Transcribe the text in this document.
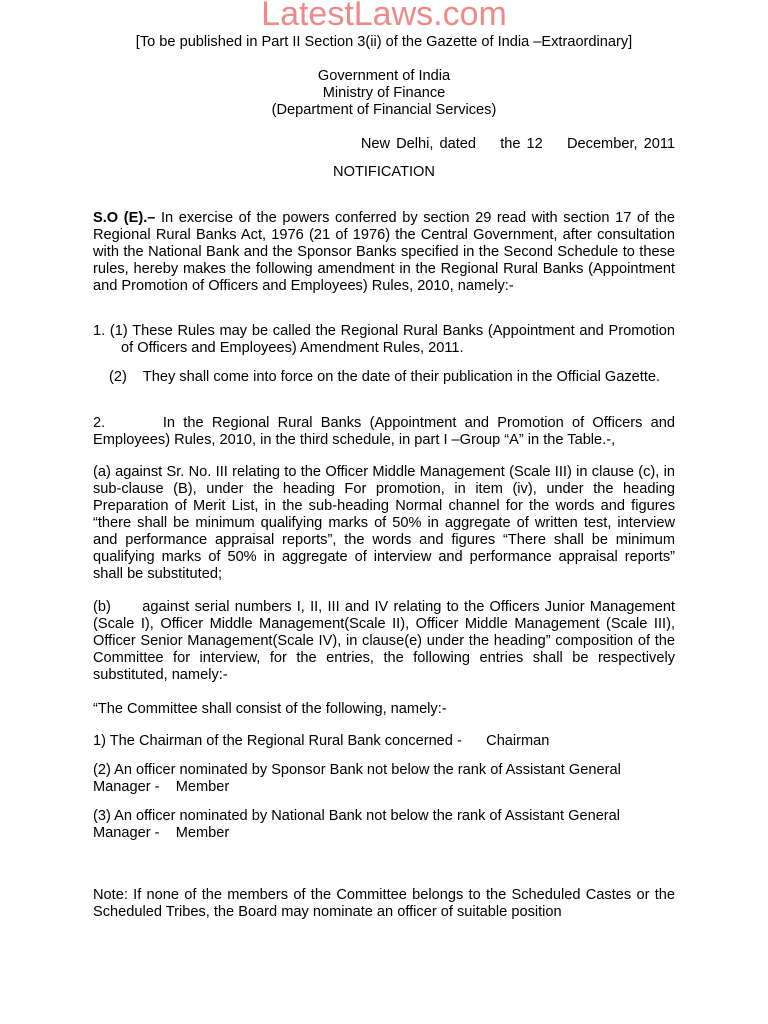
LatestLaws.com
[To be published in Part II Section 3(ii) of the Gazette of India –Extraordinary]
Government of India
Ministry of Finance
(Department of Financial Services)
New Delhi, dated    the 12    December, 2011
NOTIFICATION
S.O (E).– In exercise of the powers conferred by section 29 read with section 17 of the Regional Rural Banks Act, 1976 (21 of 1976) the Central Government, after consultation with the National Bank and the Sponsor Banks specified in the Second Schedule to these rules, hereby makes the following amendment in the Regional Rural Banks (Appointment and Promotion of Officers and Employees) Rules, 2010, namely:-
1. (1) These Rules may be called the Regional Rural Banks (Appointment and Promotion of Officers and Employees) Amendment Rules, 2011.
(2)    They shall come into force on the date of their publication in the Official Gazette.
2.       In the Regional Rural Banks (Appointment and Promotion of Officers and Employees) Rules, 2010, in the third schedule, in part I –Group “A” in the Table.-,
(a) against Sr. No. III relating to the Officer Middle Management (Scale III) in clause (c), in sub-clause (B), under the heading For promotion, in item (iv), under the heading Preparation of Merit List, in the sub-heading Normal channel for the words and figures “there shall be minimum qualifying marks of 50% in aggregate of written test, interview and performance appraisal reports”, the words and figures “There shall be minimum qualifying marks of 50% in aggregate of interview and performance appraisal reports” shall be substituted;
(b)      against serial numbers I, II, III and IV relating to the Officers Junior Management (Scale I), Officer Middle Management(Scale II), Officer Middle Management (Scale III), Officer Senior Management(Scale IV), in clause(e) under the heading” composition of the Committee for interview, for the entries, the following entries shall be respectively substituted, namely:-
“The Committee shall consist of the following, namely:-
1) The Chairman of the Regional Rural Bank concerned -      Chairman
(2) An officer nominated by Sponsor Bank not below the rank of Assistant General Manager -    Member
(3) An officer nominated by National Bank not below the rank of Assistant General Manager -    Member
Note: If none of the members of the Committee belongs to the Scheduled Castes or the Scheduled Tribes, the Board may nominate an officer of suitable position
